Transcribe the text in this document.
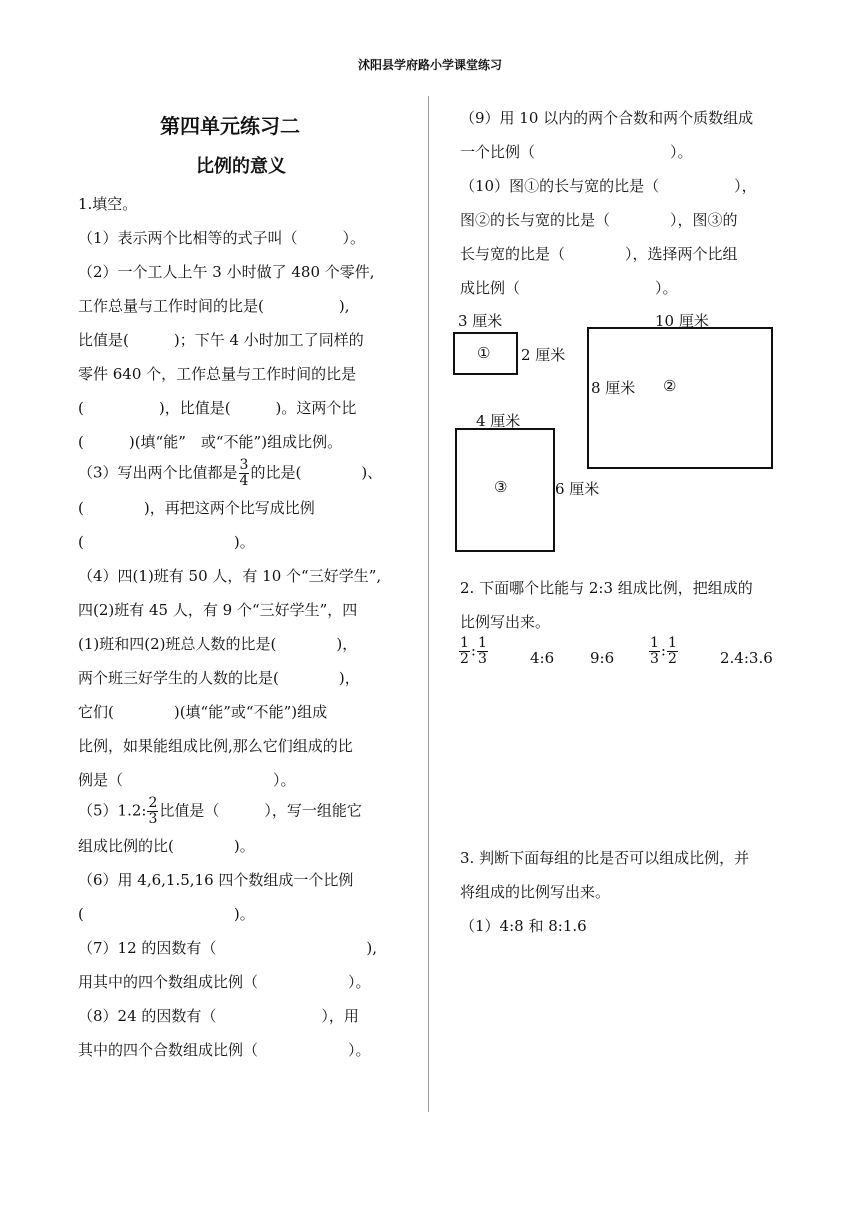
沭阳县学府路小学课堂练习
第四单元练习二
比例的意义
1.填空。
（1）表示两个比相等的式子叫（　　　）。
（2）一个工人上午 3 小时做了 480 个零件,
工作总量与工作时间的比是(　　　　　),
比值是(　　　)；下午 4 小时加工了同样的
零件 640 个，工作总量与工作时间的比是
(　　　　　)，比值是(　　　)。这两个比
(　　　)(填“能”　或“不能”)组成比例。
（3）写出两个比值都是 $\frac{3}{4}$ 的比是(　　　　)、
(　　　　)，再把这两个比写成比例
(　　　　　　　　　　)。
（4）四(1)班有 50 人，有 10 个“三好学生”,
四(2)班有 45 人，有 9 个“三好学生”，四
(1)班和四(2)班总人数的比是(　　　　)，
两个班三好学生的人数的比是(　　　　)，
它们(　　　　)(填“能”或“不能”)组成
比例，如果能组成比例,那么它们组成的比
例是（　　　　　　　　　　）。
（5）1.2: $\frac{2}{3}$ 比值是（　　　），写一组能它
组成比例的比(　　　　)。
（6）用 4,6,1.5,16 四个数组成一个比例
(　　　　　　　　　　)。
（7）12 的因数有（　　　　　　　　　　),
用其中的四个数组成比例（　　　　　　）。
（8）24 的因数有（　　　　　　　），用
其中的四个合数组成比例（　　　　　　）。
（9）用 10 以内的两个合数和两个质数组成
一个比例（　　　　　　　　　）。
（10）图①的长与宽的比是（　　　　　），
图②的长与宽的比是（　　　　），图③的
长与宽的比是（　　　　），选择两个比组
成比例（　　　　　　　　　）。
3 厘米
① 2 厘米
10 厘米
8 厘米 ②
4 厘米
③	6 厘米
2. 下面哪个比能与 2:3 组成比例，把组成的
比例写出来。
$\frac{1}{2}$ : $\frac{1}{3}$	4:6 9:6 $\frac{1}{3}$ : $\frac{1}{2}$	2.4:3.6
3. 判断下面每组的比是否可以组成比例，并
将组成的比例写出来。
（1）4:8 和 8:1.6
